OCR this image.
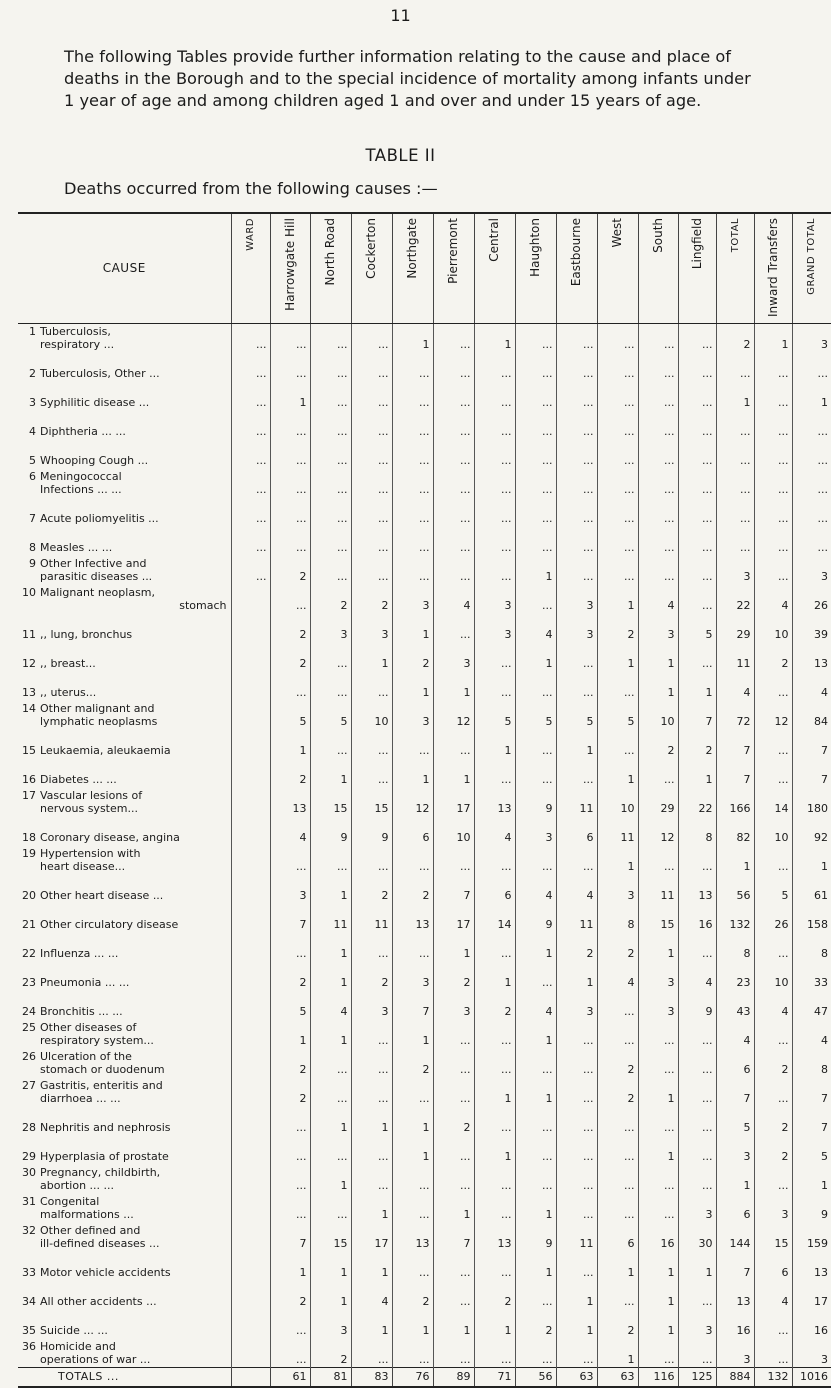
11
The following Tables provide further information relating to the cause and place of deaths in the Borough and to the special incidence of mortality among infants under 1 year of age and among children aged 1 and over and under 15 years of age.
TABLE II
Deaths occurred from the following causes :—
CAUSE	WARD	Harrowgate Hill	North Road	Cockerton	Northgate	Pierremont	Central	Haughton	Eastbourne	West	South	Lingfield	TOTAL	Inward Transfers	GRAND TOTAL

1 Tuberculosis,
respiratory ...	...	...	...	...	1	...	1	...	...	...	...	...	2	1	3
2 Tuberculosis, Other ...	...	...	...	...	...	...	...	...	...	...	...	...	...	...	...
3 Syphilitic disease ...	...	1	...	...	...	...	...	...	...	...	...	...	1	...	1
4 Diphtheria ... ...	...	...	...	...	...	...	...	...	...	...	...	...	...	...	...
5 Whooping Cough ...	...	...	...	...	...	...	...	...	...	...	...	...	...	...	...
6 Meningococcal
Infections ... ...	...	...	...	...	...	...	...	...	...	...	...	...	...	...	...
7 Acute poliomyelitis ...	...	...	...	...	...	...	...	...	...	...	...	...	...	...	...
8 Measles ... ...	...	...	...	...	...	...	...	...	...	...	...	...	...	...	...
9 Other Infective and
parasitic diseases ...	...	2	...	...	...	...	...	1	...	...	...	...	3	...	3
10 Malignant neoplasm,
stomach		...	2	2	3	4	3	...	3	1	4	...	22	4	26
11 ,, lung, bronchus		2	3	3	1	...	3	4	3	2	3	5	29	10	39
12 ,, breast...		2	...	1	2	3	...	1	...	1	1	...	11	2	13
13 ,, uterus...		...	...	...	1	1	...	...	...	...	1	1	4	...	4
14 Other malignant and
lymphatic neoplasms		5	5	10	3	12	5	5	5	5	10	7	72	12	84
15 Leukaemia, aleukaemia		1	...	...	...	...	1	...	1	...	2	2	7	...	7
16 Diabetes ... ...		2	1	...	1	1	...	...	...	1	...	1	7	...	7
17 Vascular lesions of
nervous system...		13	15	15	12	17	13	9	11	10	29	22	166	14	180
18 Coronary disease, angina		4	9	9	6	10	4	3	6	11	12	8	82	10	92
19 Hypertension with
heart disease...		...	...	...	...	...	...	...	...	1	...	...	1	...	1
20 Other heart disease ...		3	1	2	2	7	6	4	4	3	11	13	56	5	61
21 Other circulatory disease		7	11	11	13	17	14	9	11	8	15	16	132	26	158
22 Influenza ... ...		...	1	...	...	1	...	1	2	2	1	...	8	...	8
23 Pneumonia ... ...		2	1	2	3	2	1	...	1	4	3	4	23	10	33
24 Bronchitis ... ...		5	4	3	7	3	2	4	3	...	3	9	43	4	47
25 Other diseases of
respiratory system...		1	1	...	1	...	...	1	...	...	...	...	4	...	4
26 Ulceration of the
stomach or duodenum		2	...	...	2	...	...	...	...	2	...	...	6	2	8
27 Gastritis, enteritis and
diarrhoea ... ...		2	...	...	...	...	1	1	...	2	1	...	7	...	7
28 Nephritis and nephrosis		...	1	1	1	2	...	...	...	...	...	...	5	2	7
29 Hyperplasia of prostate		...	...	...	1	...	1	...	...	...	1	...	3	2	5
30 Pregnancy, childbirth,
abortion ... ...		...	1	...	...	...	...	...	...	...	...	...	1	...	1
31 Congenital
malformations ...		...	...	1	...	1	...	1	...	...	...	3	6	3	9
32 Other defined and
ill-defined diseases ...		7	15	17	13	7	13	9	11	6	16	30	144	15	159
33 Motor vehicle accidents		1	1	1	...	...	...	1	...	1	1	1	7	6	13
34 All other accidents ...		2	1	4	2	...	2	...	1	...	1	...	13	4	17
35 Suicide ... ...		...	3	1	1	1	1	2	1	2	1	3	16	...	16
36 Homicide and
operations of war ...		...	2	...	...	...	...	...	...	1	...	...	3	...	3
TOTALS ...		61	81	83	76	89	71	56	63	63	116	125	884	132	1016
